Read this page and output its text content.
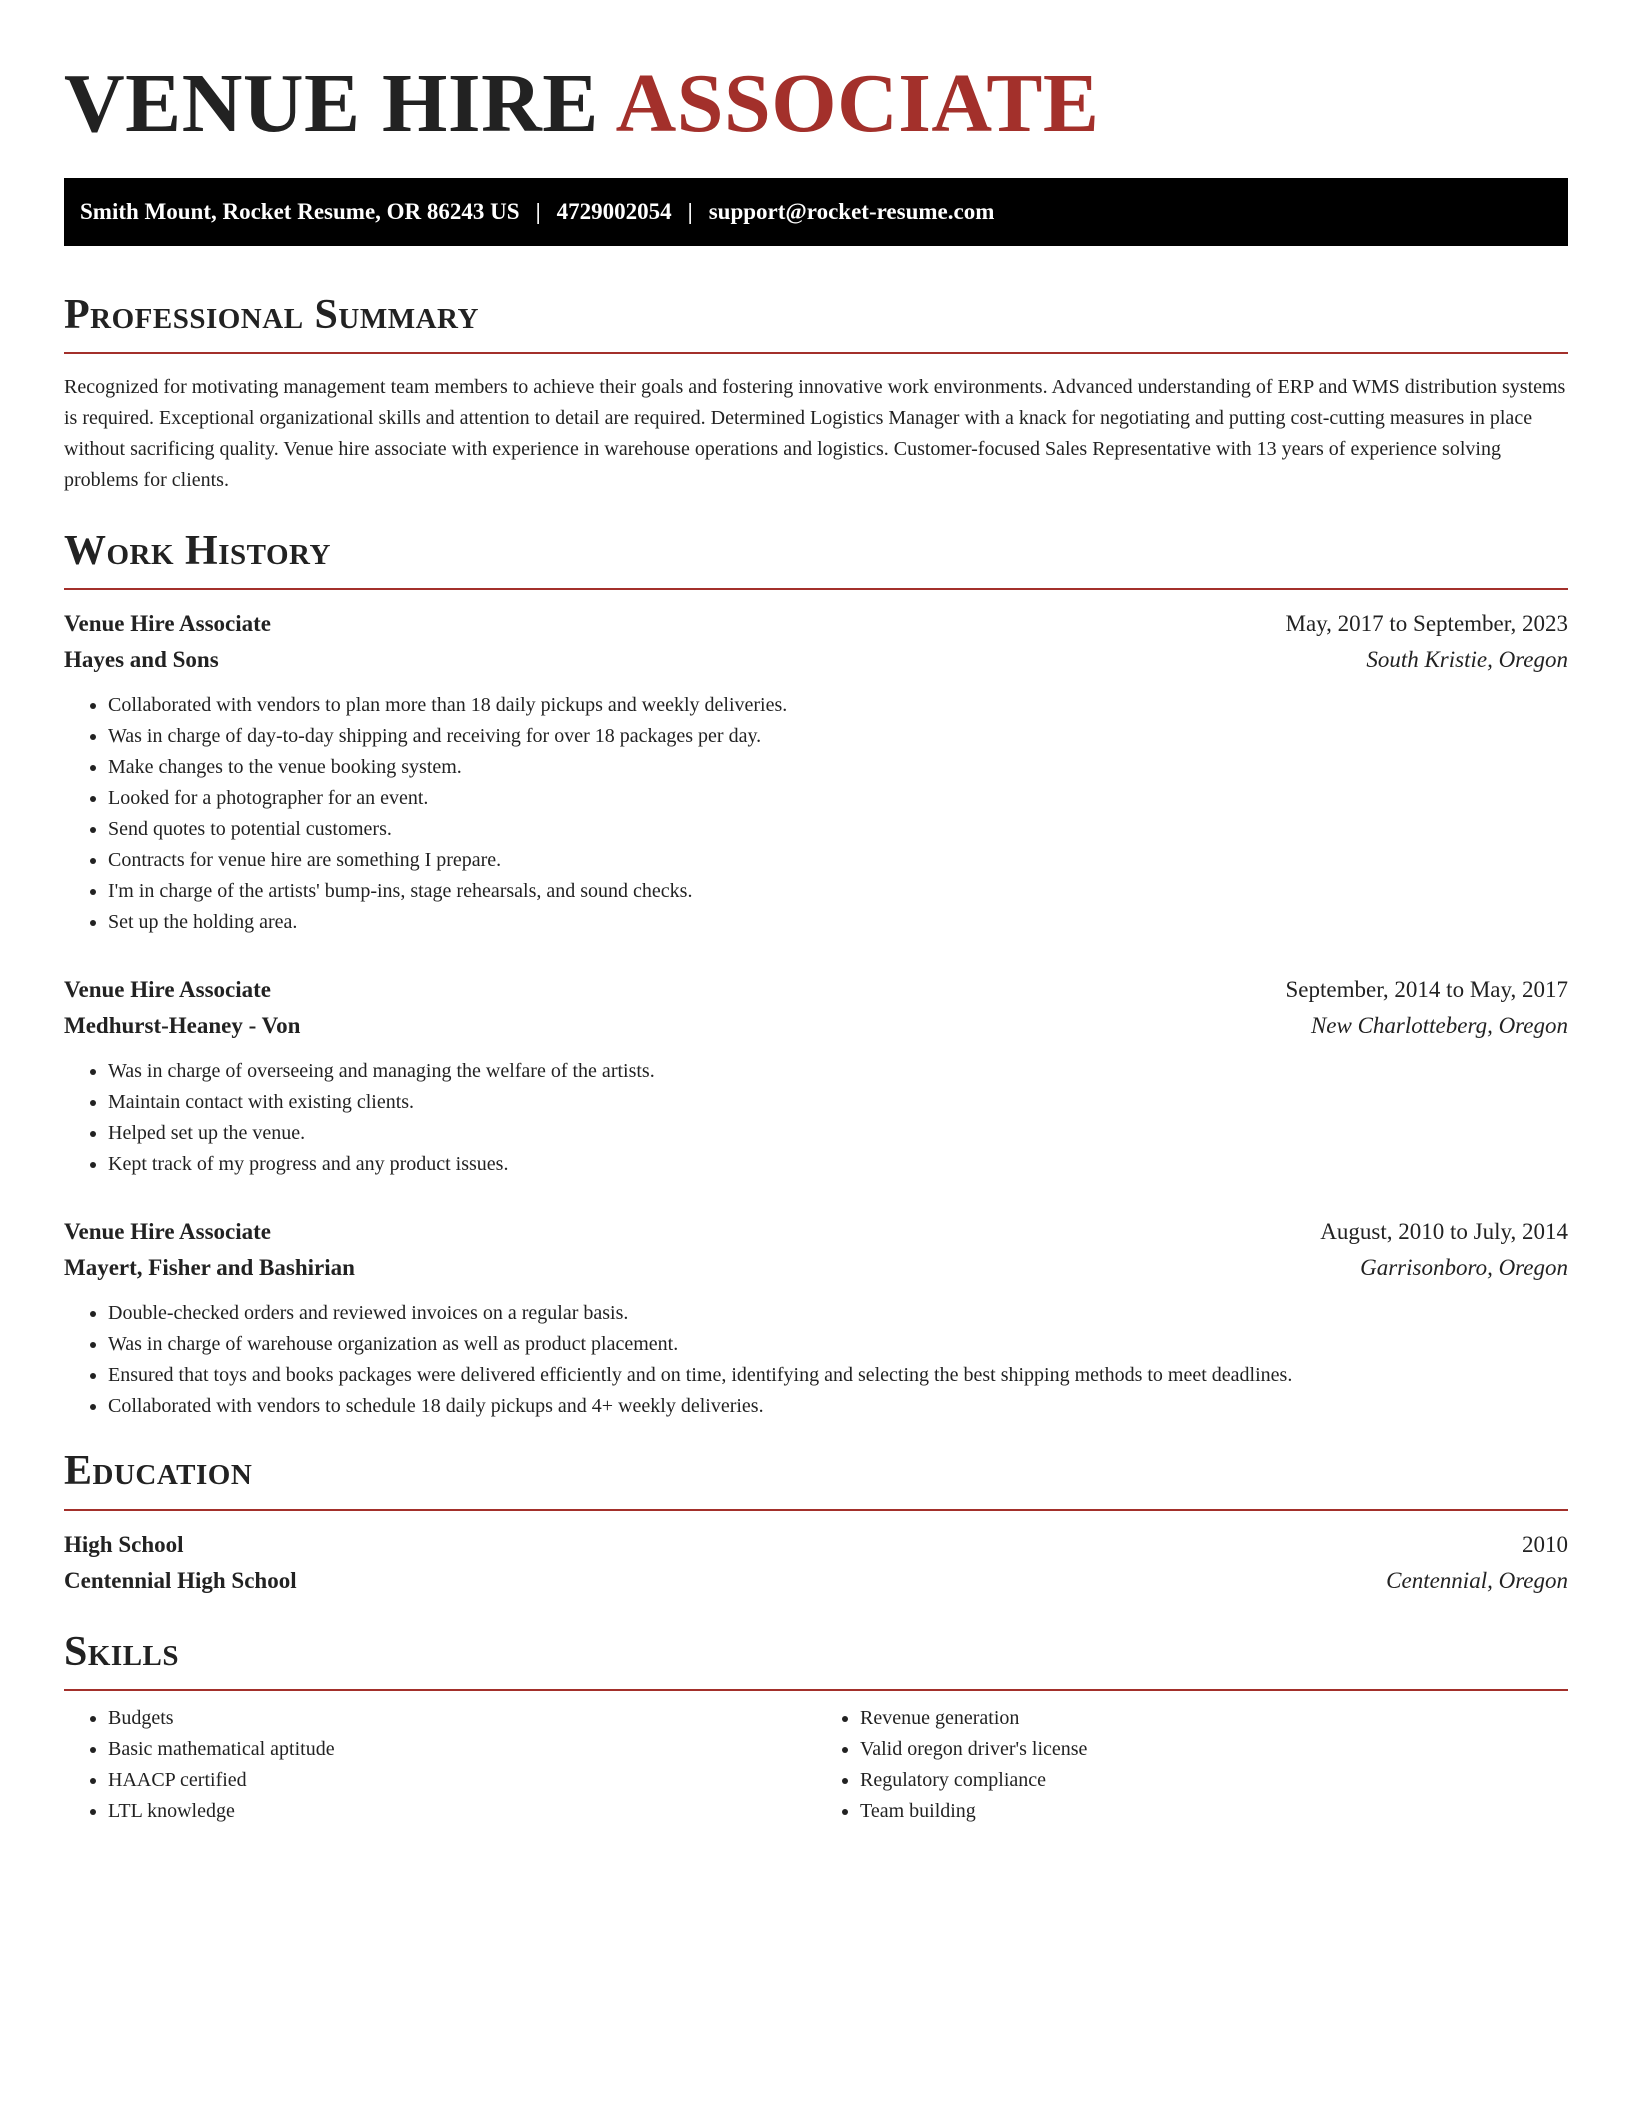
VENUE HIRE ASSOCIATE
Smith Mount, Rocket Resume, OR 86243 US | 4729002054 | support@rocket-resume.com
Professional Summary

Recognized for motivating management team members to achieve their goals and fostering innovative work environments. Advanced understanding of ERP and WMS distribution systems is required. Exceptional organizational skills and attention to detail are required. Determined Logistics Manager with a knack for negotiating and putting cost-cutting measures in place without sacrificing quality. Venue hire associate with experience in warehouse operations and logistics. Customer-focused Sales Representative with 13 years of experience solving problems for clients.

Work History
Venue Hire Associate	May, 2017 to September, 2023
Hayes and Sons	South Kristie, Oregon
• Collaborated with vendors to plan more than 18 daily pickups and weekly deliveries.
• Was in charge of day-to-day shipping and receiving for over 18 packages per day.
• Make changes to the venue booking system.
• Looked for a photographer for an event.
• Send quotes to potential customers.
• Contracts for venue hire are something I prepare.
• I'm in charge of the artists' bump-ins, stage rehearsals, and sound checks.
• Set up the holding area.
Venue Hire Associate	September, 2014 to May, 2017
Medhurst-Heaney - Von	New Charlotteberg, Oregon
• Was in charge of overseeing and managing the welfare of the artists.
• Maintain contact with existing clients.
• Helped set up the venue.
• Kept track of my progress and any product issues.
Venue Hire Associate	August, 2010 to July, 2014
Mayert, Fisher and Bashirian	Garrisonboro, Oregon
• Double-checked orders and reviewed invoices on a regular basis.
• Was in charge of warehouse organization as well as product placement.
• Ensured that toys and books packages were delivered efficiently and on time, identifying and selecting the best shipping methods to meet deadlines.
• Collaborated with vendors to schedule 18 daily pickups and 4+ weekly deliveries.
Education
High School	2010
Centennial High School	Centennial, Oregon
Skills
• Budgets
• Basic mathematical aptitude
• HAACP certified
• LTL knowledge
• Revenue generation
• Valid oregon driver's license
• Regulatory compliance
• Team building
